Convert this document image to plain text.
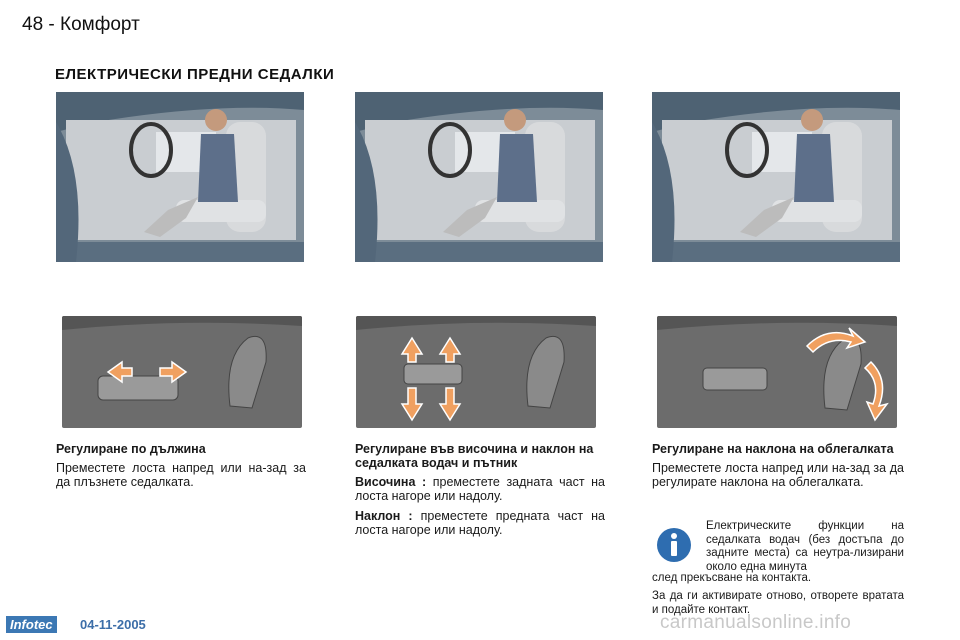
48 - Комфорт
ЕЛЕКТРИЧЕСКИ ПРЕДНИ СЕДАЛКИ
Регулиране по дължина

Преместете лоста напред или на-зад за да плъзнете седалката.

Регулиране във височина и наклон на седалката водач и пътник

Височина : преместете задната част на лоста нагоре или надолу.

Наклон : преместете предната част на лоста нагоре или надолу.

Регулиране на наклона на облегалката

Преместете лоста напред или на-зад за да регулирате наклона на облегалката.

Електрическите функции на седалката водач (без достъпа до задните места) са неутра-лизирани около една минута
след прекъсване на контакта.
За да ги активирате отново, отворете вратата и подайте контакт.
Infotec	04-11-2005	carmanualsonline.info
